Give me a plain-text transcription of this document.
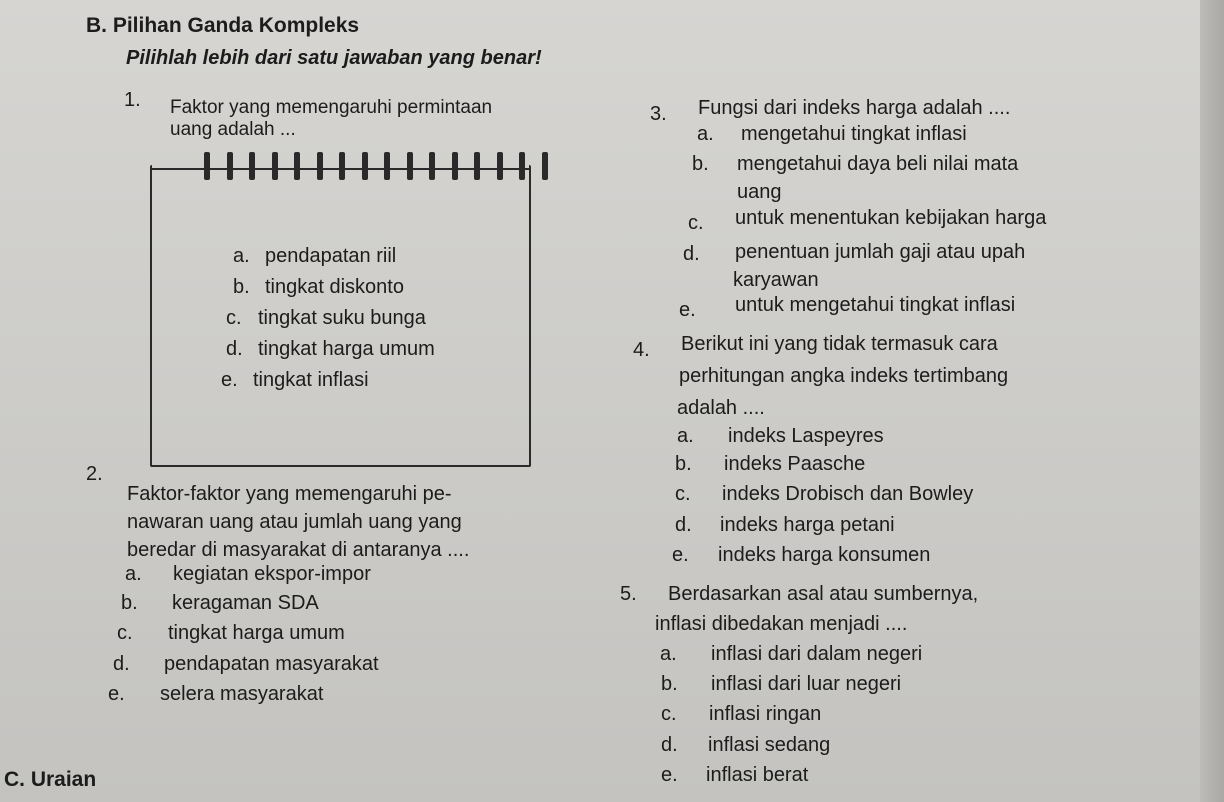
B. Pilihan Ganda Kompleks
Pilihlah lebih dari satu jawaban yang benar!
1. Faktor yang memengaruhi permintaan
uang adalah ...
a. pendapatan riil
b. tingkat diskonto
c. tingkat suku bunga
d. tingkat harga umum
e. tingkat inflasi
2.
Faktor-faktor yang memengaruhi pe-
nawaran uang atau jumlah uang yang
beredar di masyarakat di antaranya ....
a. kegiatan ekspor-impor
b. keragaman SDA
c. tingkat harga umum
d. pendapatan masyarakat
e. selera masyarakat
3. Fungsi dari indeks harga adalah ....
a. mengetahui tingkat inflasi
b. mengetahui daya beli nilai mata
uang
c. untuk menentukan kebijakan harga
d. penentuan jumlah gaji atau upah
karyawan
e. untuk mengetahui tingkat inflasi
4. Berikut ini yang tidak termasuk cara
perhitungan angka indeks tertimbang
adalah ....
a. indeks Laspeyres
b. indeks Paasche
c. indeks Drobisch dan Bowley
d. indeks harga petani
e. indeks harga konsumen
5. Berdasarkan asal atau sumbernya,
inflasi dibedakan menjadi ....
a. inflasi dari dalam negeri
b. inflasi dari luar negeri
c. inflasi ringan
d. inflasi sedang
e. inflasi berat
C. Uraian
